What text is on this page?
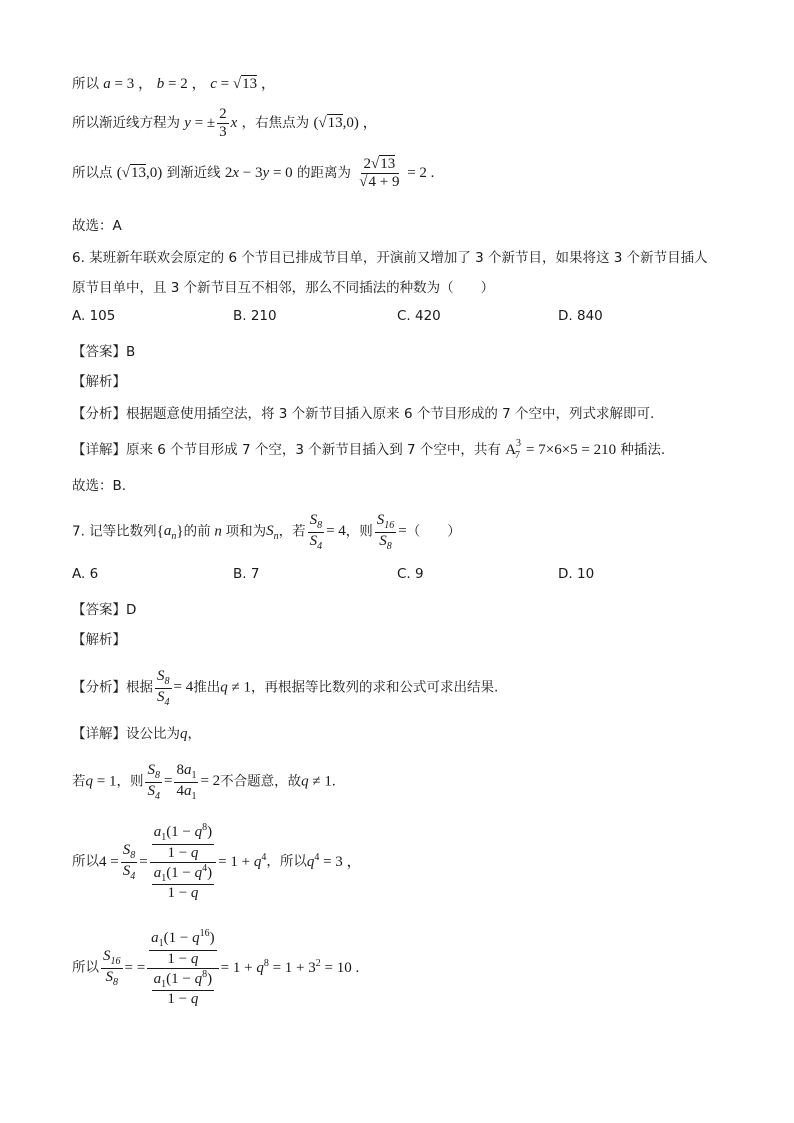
所以 a = 3 ， b = 2 ， c = √13 ，
所以渐近线方程为 y = ± $\frac{2}{3}$ x ，右焦点为 (√13,0) ，
所以点 (√13,0) 到渐近线 2x − 3y = 0 的距离为 $\frac{2√13}{√4 + 9} = 2$ .
故选：A
6. 某班新年联欢会原定的 6 个节目已排成节目单，开演前又增加了 3 个新节目，如果将这 3 个新节目插人
原节目单中，且 3 个新节目互不相邻，那么不同插法的种数为（　　）
A. 105	B. 210	C. 420	D. 840
【答案】B
【解析】
【分析】根据题意使用插空法，将 3 个新节目插入原来 6 个节目形成的 7 个空中，列式求解即可.
【详解】原来 6 个节目形成 7 个空，3 个新节目插入到 7 个空中，共有 $A^3_7 = 7\times 6\times 5 = 210$ 种插法.
故选：B.
7. 记等比数列$\{a_n\}$的前 n 项和为$S_n$，若 $\frac{S_8}{S_4} = 4$，则 $\frac{S_{16}}{S_8}$ =（　　）
A. 6	B. 7	C. 9	D. 10
【答案】D
【解析】
【分析】根据 $\frac{S_8}{S_4} = 4$推出q ≠ 1，再根据等比数列的求和公式可求出结果.
【详解】设公比为q，
若q = 1，则 $\frac{S_8}{S_4} = \frac{8a_1}{4a_1} = 2$不合题意，故q ≠ 1.
所以$4 = \frac{S_8}{S_4} = \frac{\frac{a_1(1 - q^8)}{1 - q}}{\frac{a_1(1 - q^4)}{1 - q}} = 1 + q^4$，所以$q^4 = 3$ ，
所以 $\frac{S_{16}}{S_8}$ = = $\frac{\frac{a_1(1 - q^{16})}{1 - q}}{\frac{a_1(1 - q^8)}{1 - q}} = 1 + q^8 = 1 + 3^2 = 10$ .
